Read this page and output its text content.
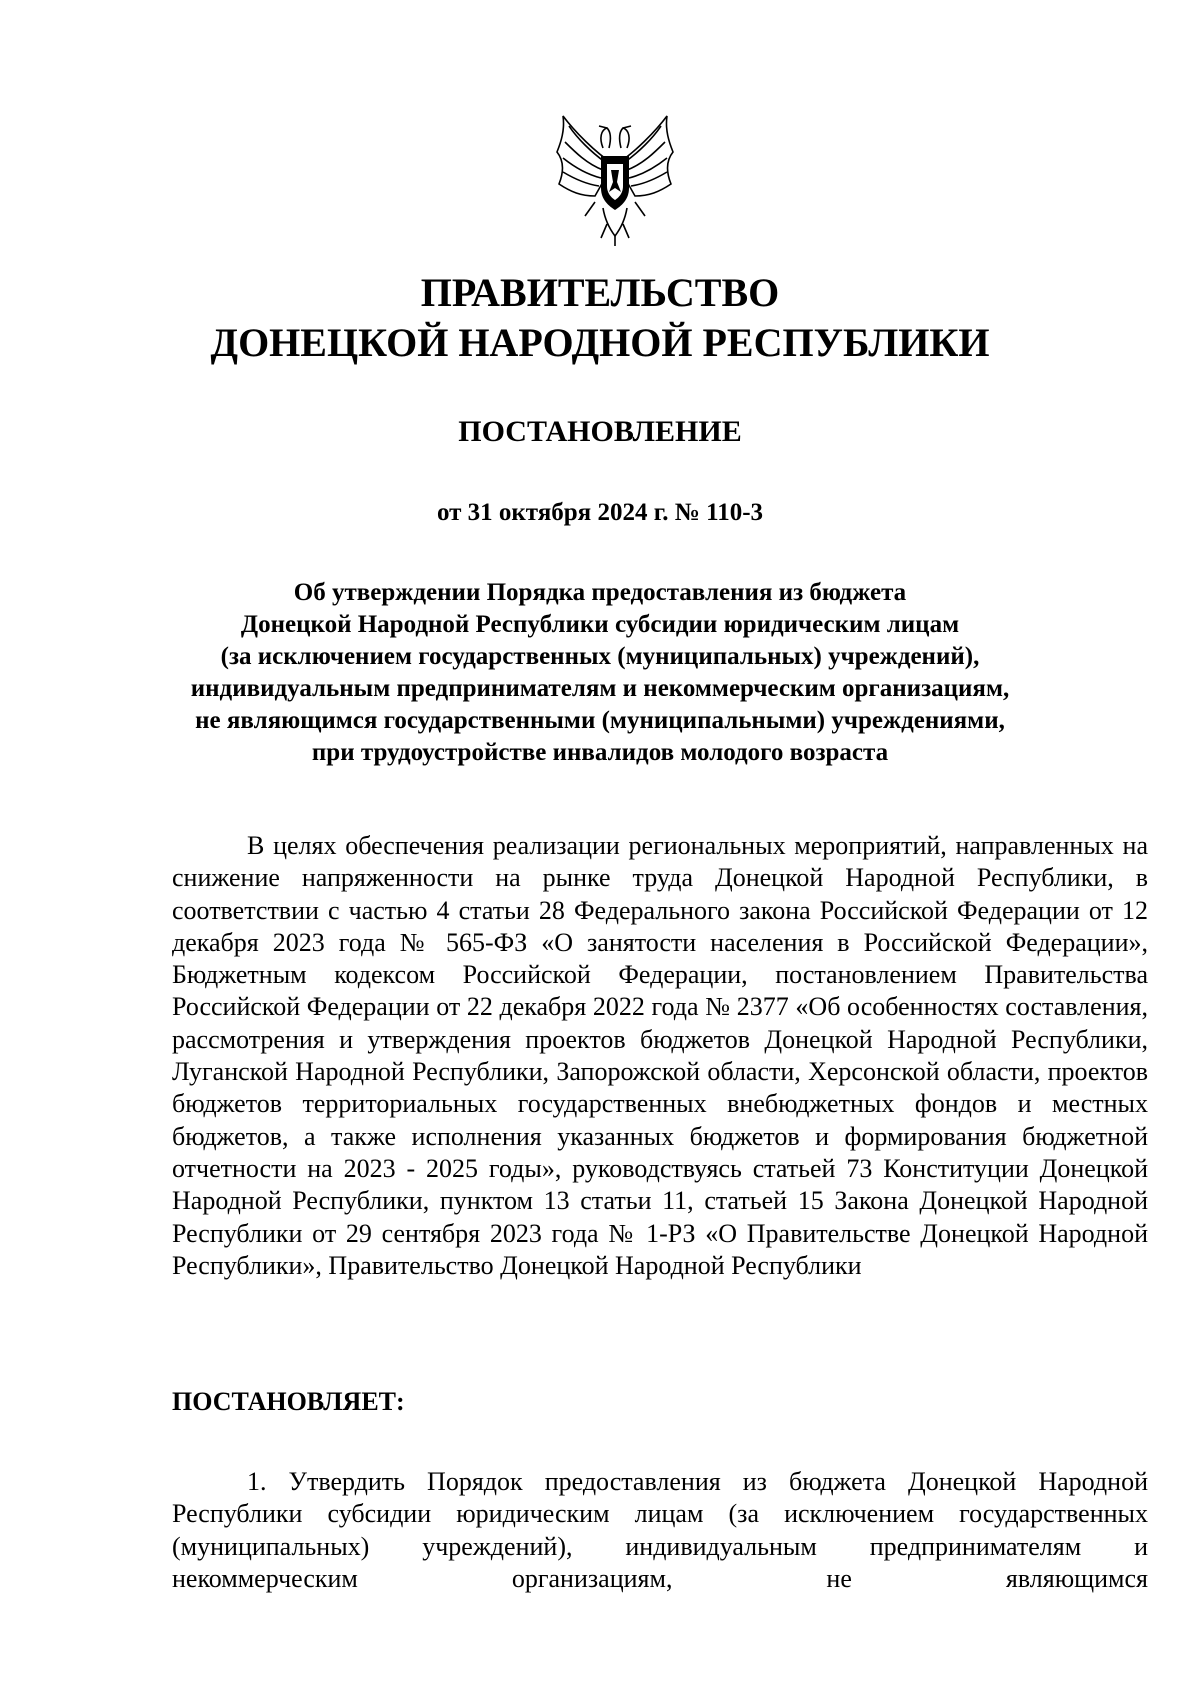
ПРАВИТЕЛЬСТВО
ДОНЕЦКОЙ НАРОДНОЙ РЕСПУБЛИКИ
ПОСТАНОВЛЕНИЕ
от 31 октября 2024 г. № 110-3
Об утверждении Порядка предоставления из бюджета
Донецкой Народной Республики субсидии юридическим лицам
(за исключением государственных (муниципальных) учреждений),
индивидуальным предпринимателям и некоммерческим организациям,
не являющимся государственными (муниципальными) учреждениями,
при трудоустройстве инвалидов молодого возраста
В целях обеспечения реализации региональных мероприятий, направленных на снижение напряженности на рынке труда Донецкой Народной Республики, в соответствии с частью 4 статьи 28 Федерального закона Российской Федерации от 12 декабря 2023 года № 565-ФЗ «О занятости населения в Российской Федерации», Бюджетным кодексом Российской Федерации, постановлением Правительства Российской Федерации от 22 декабря 2022 года № 2377 «Об особенностях составления, рассмотрения и утверждения проектов бюджетов Донецкой Народной Республики, Луганской Народной Республики, Запорожской области, Херсонской области, проектов бюджетов территориальных государственных внебюджетных фондов и местных бюджетов, а также исполнения указанных бюджетов и формирования бюджетной отчетности на 2023 - 2025 годы», руководствуясь статьей 73 Конституции Донецкой Народной Республики, пунктом 13 статьи 11, статьей 15 Закона Донецкой Народной Республики от 29 сентября 2023 года № 1-РЗ «О Правительстве Донецкой Народной Республики», Правительство Донецкой Народной Республики
ПОСТАНОВЛЯЕТ:
1. Утвердить Порядок предоставления из бюджета Донецкой Народной Республики субсидии юридическим лицам (за исключением государственных (муниципальных) учреждений), индивидуальным предпринимателям и некоммерческим организациям, не являющимся
